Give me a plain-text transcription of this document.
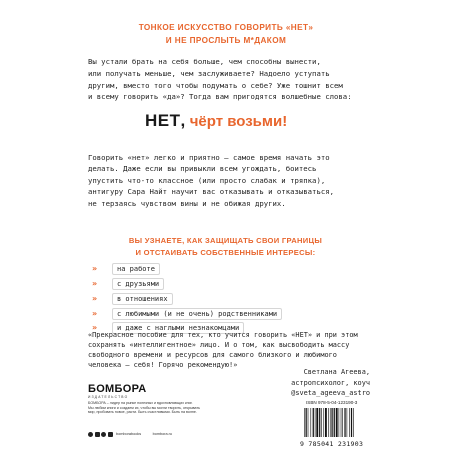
ТОНКОЕ ИСКУССТВО ГОВОРИТЬ «НЕТ»
И НЕ ПРОСЛЫТЬ М*ДАКОМ
Вы устали брать на себя больше, чем способны вынести,
или получать меньше, чем заслуживаете? Надоело уступать
другим, вместо того чтобы подумать о себе? Уже тошнит всем
и всему говорить «да»? Тогда вам пригодятся волшебные слова:
НЕТ, чёрт возьми!
Говорить «нет» легко и приятно – самое время начать это
делать. Даже если вы привыкли всем угождать, боитесь
упустить что-то классное (или просто слабак и тряпка),
антигуру Сара Найт научит вас отказывать и отказываться,
не терзаясь чувством вины и не обижая других.
ВЫ УЗНАЕТЕ, КАК ЗАЩИЩАТЬ СВОИ ГРАНИЦЫ
И ОТСТАИВАТЬ СОБСТВЕННЫЕ ИНТЕРЕСЫ:
»	на работе
»	с друзьями
»	в отношениях
»	с любимыми (и не очень) родственниками
»	и даже с наглыми незнакомцами
«Прекрасное пособие для тех, кто учится говорить «НЕТ» и при этом
сохранять «интеллигентное» лицо. И о том, как высвободить массу
свободного времени и ресурсов для самого близкого и любимого
человека – себя! Горячо рекомендую!»
Светлана Агеева,
астропсихолог, коуч
@sveta_ageeva_astro
БОМБОРА
ИЗДАТЕЛЬСТВО
БОМБОРА – лидер на рынке полезных и вдохновляющих книг.
Мы любим книги и создаем их, чтобы вы могли творить, открывать
мир, пробовать новое, расти. Быть счастливыми. Быть на волне.
bomborabooks	bombora.ru
ISBN 978-5-04-123190-3
9 785041 231903
